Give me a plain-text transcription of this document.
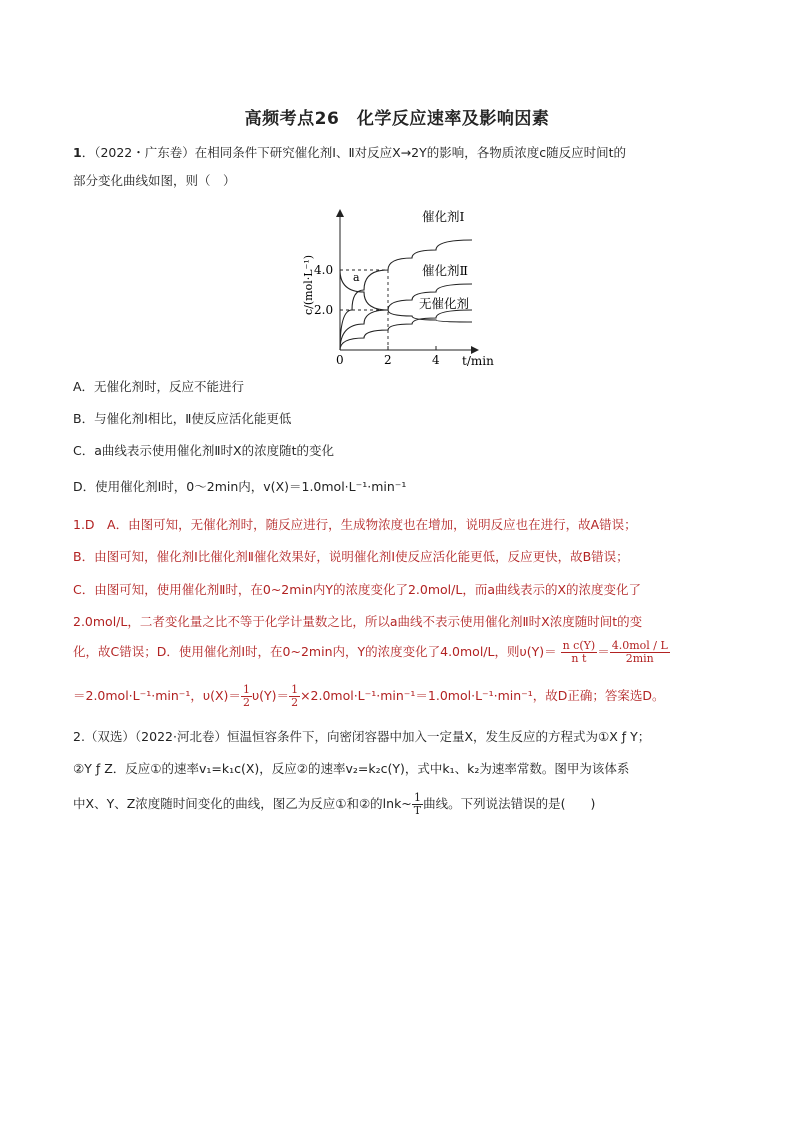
高频考点26　化学反应速率及影响因素
1．（2022・广东卷）在相同条件下研究催化剂Ⅰ、Ⅱ对反应X→2Y的影响，各物质浓度c随反应时间t的
部分变化曲线如图，则（　）
0	2	4
2.0
4.0
c/(mol·L⁻¹)
t/min
催化剂Ⅰ
催化剂Ⅱ
无催化剂
a
A．无催化剂时，反应不能进行
B．与催化剂Ⅰ相比，Ⅱ使反应活化能更低
C．a曲线表示使用催化剂Ⅱ时X的浓度随t的变化
D．使用催化剂Ⅰ时，0～2min内，v(X)＝1.0mol·L⁻¹·min⁻¹
1.D　A．由图可知，无催化剂时，随反应进行，生成物浓度也在增加，说明反应也在进行，故A错误；
B．由图可知，催化剂Ⅰ比催化剂Ⅱ催化效果好，说明催化剂Ⅰ使反应活化能更低，反应更快，故B错误；
C．由图可知，使用催化剂Ⅱ时，在0~2min内Y的浓度变化了2.0mol/L，而a曲线表示的X的浓度变化了
2.0mol/L，二者变化量之比不等于化学计量数之比，所以a曲线不表示使用催化剂Ⅱ时X浓度随时间t的变
化，故C错误；D．使用催化剂Ⅰ时，在0~2min内，Y的浓度变化了4.0mol/L，则$\upsilon(Y)= \frac{\text{n c(Y)}}{\text{n t}} = \frac{\text{4.0mol / L}}{2\min}$
＝2.0mol·L⁻¹·min⁻¹，$\upsilon(X)= \frac{1}{2} \upsilon(Y)= \frac{1}{2} \times 2.0mol\cdot L^{-1}\cdot\min^{-1}=1.0mol\cdot L^{-1}\cdot\min^{-1}$，故D正确；答案选D。
2.（双选）（2022·河北卷）恒温恒容条件下，向密闭容器中加入一定量X，发生反应的方程式为①X ƒ Y；
②Y ƒ Z．反应①的速率v₁=k₁c(X)，反应②的速率v₂=k₂c(Y)，式中k₁、k₂为速率常数。图甲为该体系
中X、Y、Z浓度随时间变化的曲线，图乙为反应①和②的lnk~ $\frac{1}{T}$ 曲线。下列说法错误的是(　　)
